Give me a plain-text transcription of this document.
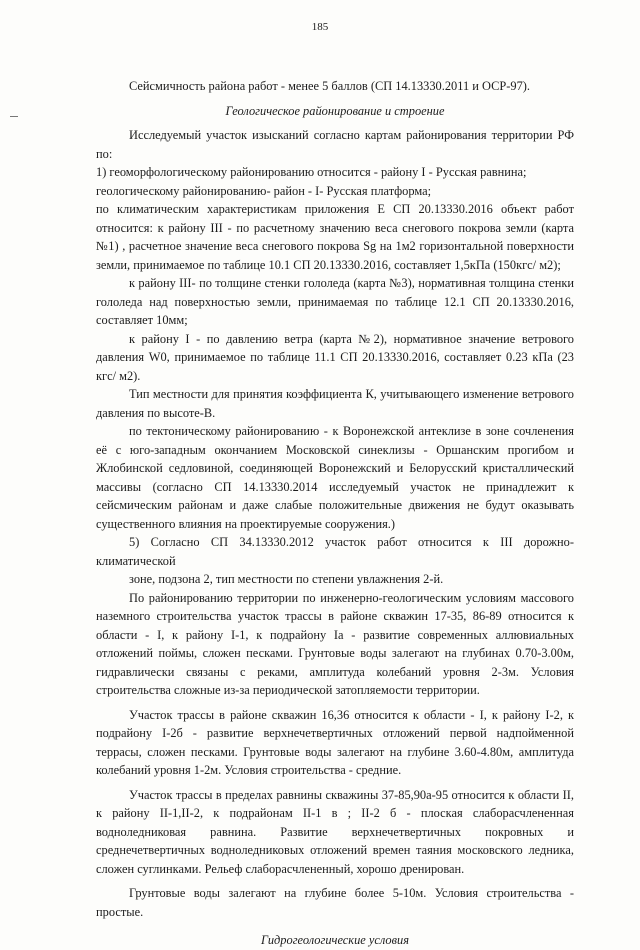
185

Сейсмичность района работ - менее 5 баллов (СП 14.13330.2011 и ОСР-97).

Геологическое районирование и строение

Исследуемый участок изысканий согласно картам районирования территории РФ по:

1) геоморфологическому районированию относится - району I - Русская равнина;

геологическому районированию- район - I- Русская платформа;

по климатическим характеристикам приложения Е СП 20.13330.2016 объект работ относится: к району III - по расчетному значению веса снегового покрова земли (карта №1) , расчетное значение веса снегового покрова Sg на 1м2 горизонтальной поверхности земли, принимаемое по таблице 10.1 СП 20.13330.2016, составляет 1,5кПа (150кгс/ м2);

к району III- по толщине стенки гололеда (карта №3), нормативная толщина стенки гололеда над поверхностью земли, принимаемая по таблице 12.1 СП 20.13330.2016, составляет 10мм;

к району I - по давлению ветра (карта №2), нормативное значение ветрового давления W0, принимаемое по таблице 11.1 СП 20.13330.2016, составляет 0.23 кПа (23 кгс/ м2).

Тип местности для принятия коэффициента К, учитывающего изменение ветрового давления по высоте-В.

по тектоническому районированию - к Воронежской антеклизе в зоне сочленения её с юго-западным окончанием Московской синеклизы - Оршанским прогибом и Жлобинской седловиной, соединяющей Воронежский и Белорусский кристаллический массивы (согласно СП 14.13330.2014 исследуемый участок не принадлежит к сейсмическим районам и даже слабые положительные движения не будут оказывать существенного влияния на проектируемые сооружения.)

5) Согласно СП 34.13330.2012 участок работ относится к III дорожно-климатической

зоне, подзона 2, тип местности по степени увлажнения 2-й.

По районированию территории по инженерно-геологическим условиям массового наземного строительства участок трассы в районе скважин 17-35, 86-89 относится к области - I, к району I-1, к подрайону Ia - развитие современных аллювиальных отложений поймы, сложен песками. Грунтовые воды залегают на глубинах 0.70-3.00м, гидравлически связаны с реками, амплитуда колебаний уровня 2-3м. Условия строительства сложные из-за периодической затопляемости территории.

Участок трассы в районе скважин 16,36 относится к области - I, к району I-2, к подрайону I-2б - развитие верхнечетвертичных отложений первой надпойменной террасы, сложен песками. Грунтовые воды залегают на глубине 3.60-4.80м, амплитуда колебаний уровня 1-2м. Условия строительства - средние.

Участок трассы в пределах равнины скважины 37-85,90а-95 относится к области II, к району II-1,II-2, к подрайонам II-1 в ; II-2 б - плоская слаборасчлененная водноледниковая равнина. Развитие верхнечетвертичных покровных и среднечетвертичных водноледниковых отложений времен таяния московского ледника, сложен суглинками. Рельеф слаборасчлененный, хорошо дренирован.

Грунтовые воды залегают на глубине более 5-10м. Условия строительства - простые.

Гидрогеологические условия
